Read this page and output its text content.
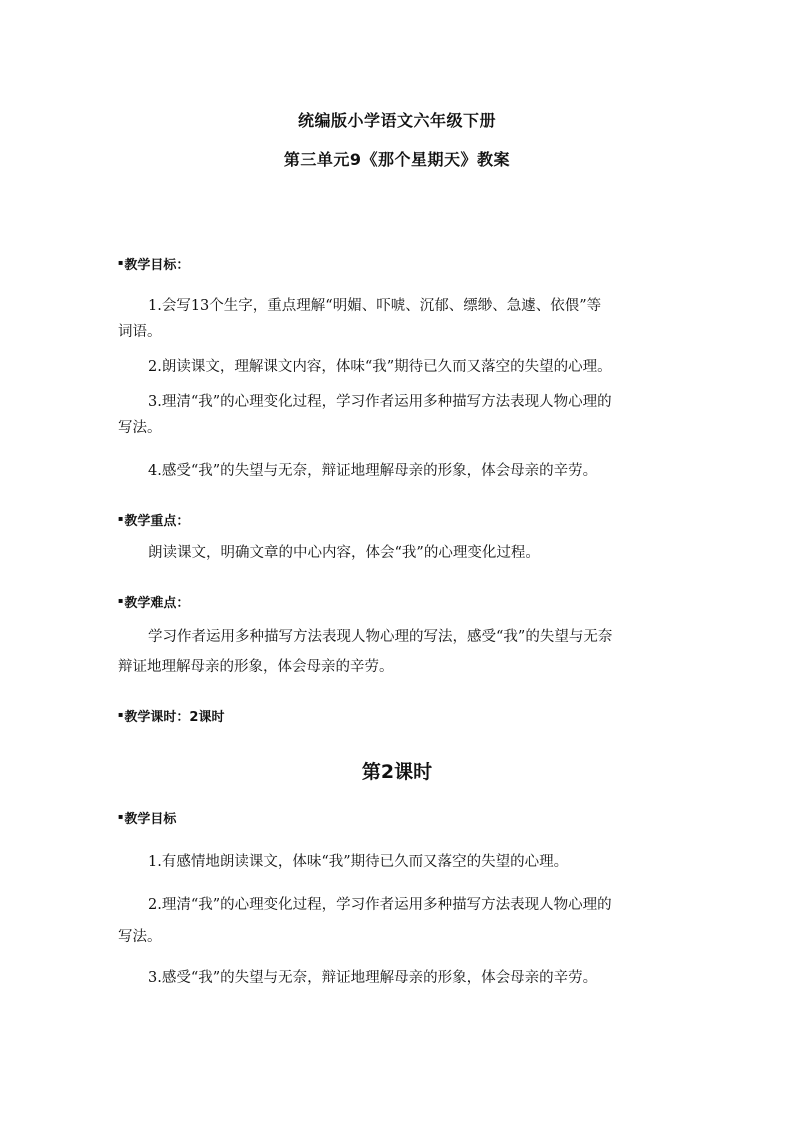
统编版小学语文六年级下册
第三单元9《那个星期天》教案
▪教学目标：
1.会写13个生字，重点理解“明媚、吓唬、沉郁、缥缈、急遽、依偎”等
词语。
2.朗读课文，理解课文内容，体味“我”期待已久而又落空的失望的心理。
3.理清“我”的心理变化过程，学习作者运用多种描写方法表现人物心理的
写法。
4.感受“我”的失望与无奈，辩证地理解母亲的形象，体会母亲的辛劳。
▪教学重点：
朗读课文，明确文章的中心内容，体会“我”的心理变化过程。
▪教学难点：
学习作者运用多种描写方法表现人物心理的写法，感受“我”的失望与无奈
辩证地理解母亲的形象，体会母亲的辛劳。
▪教学课时：2课时
第2课时
▪教学目标
1.有感情地朗读课文，体味“我”期待已久而又落空的失望的心理。
2.理清“我”的心理变化过程，学习作者运用多种描写方法表现人物心理的
写法。
3.感受“我”的失望与无奈，辩证地理解母亲的形象，体会母亲的辛劳。
